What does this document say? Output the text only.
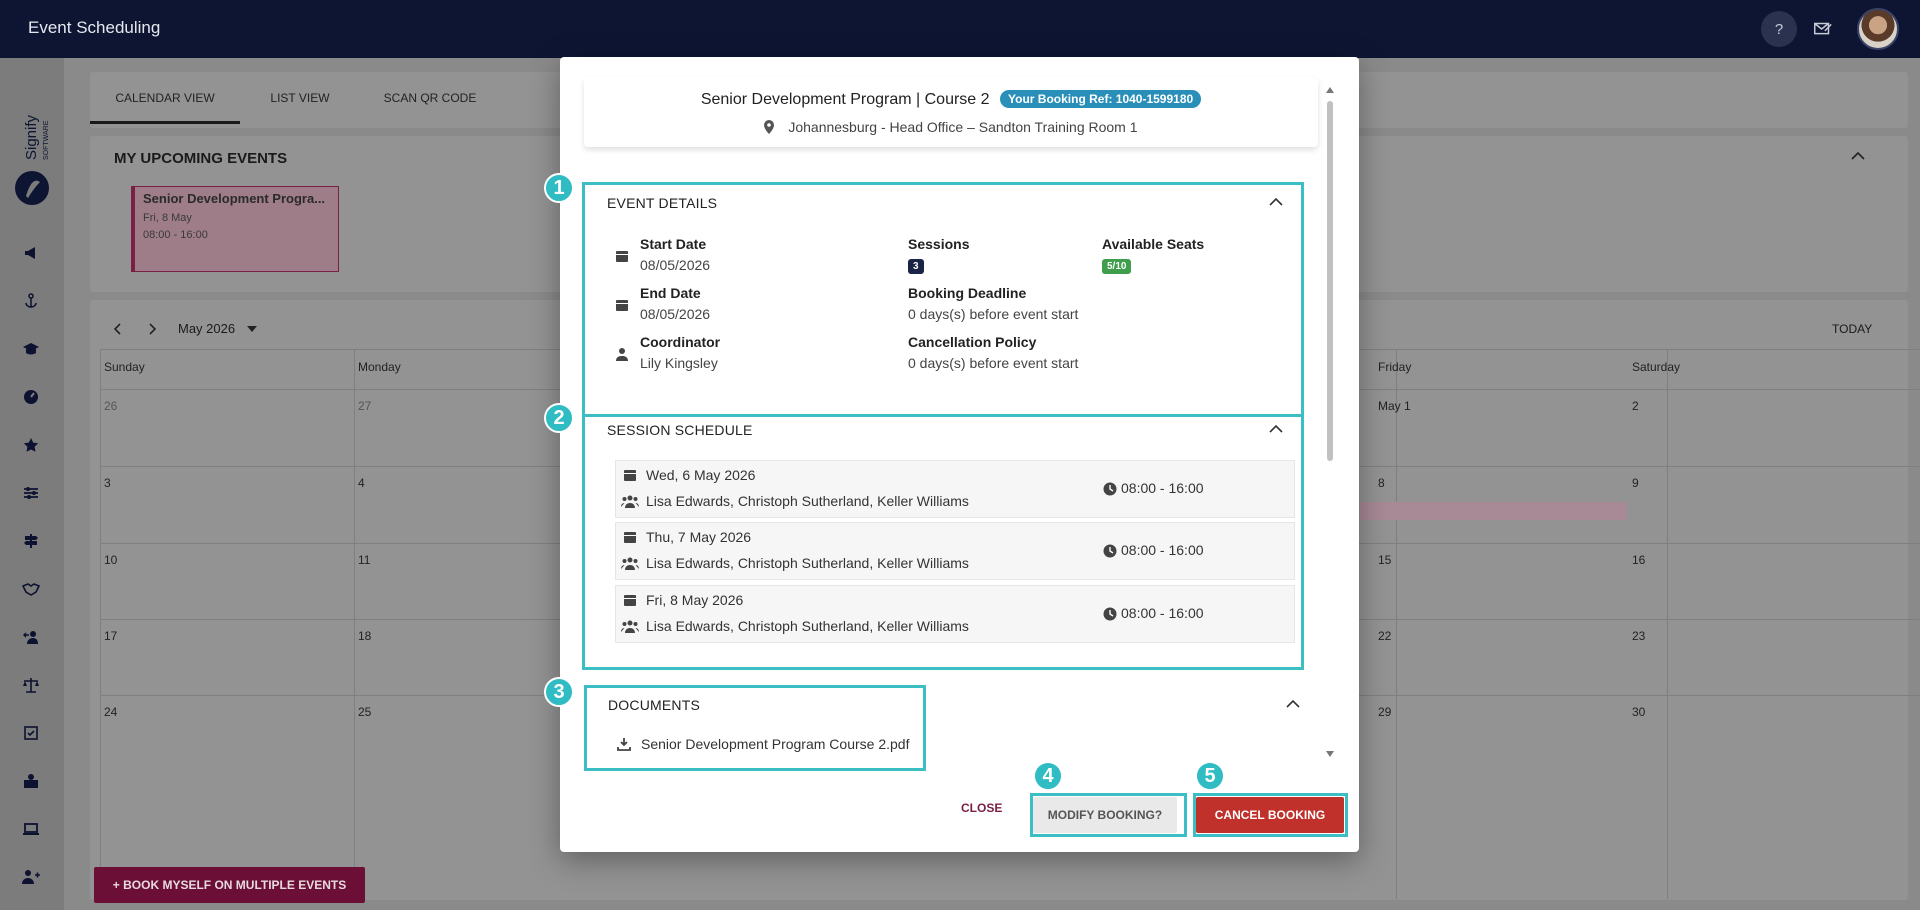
Event Scheduling	?
Signify SOFTWARE
CALENDAR VIEW	LIST VIEW	SCAN QR CODE
MY UPCOMING EVENTS
Senior Development Progra...
Fri, 8 May
08:00 - 16:00
May 2026	TODAY
Sunday	Monday	Friday	Saturday
26	27	May 1	2
3	4	8	9
10	11	15	16
17	18	22	23
24	25	29	30
+ BOOK MYSELF ON MULTIPLE EVENTS
Senior Development Program | Course 2 Your Booking Ref: 1040-1599180
Johannesburg - Head Office – Sandton Training Room 1
EVENT DETAILS
Start Date
08/05/2026
End Date
08/05/2026
Coordinator
Lily Kingsley
Sessions
3
Available Seats
5/10
Booking Deadline
0 days(s) before event start
Cancellation Policy
0 days(s) before event start
1
SESSION SCHEDULE
Wed, 6 May 2026
Lisa Edwards, Christoph Sutherland, Keller Williams
08:00 - 16:00
Thu, 7 May 2026
Lisa Edwards, Christoph Sutherland, Keller Williams
08:00 - 16:00
Fri, 8 May 2026
Lisa Edwards, Christoph Sutherland, Keller Williams
08:00 - 16:00
2
DOCUMENTS
Senior Development Program Course 2.pdf
3
CLOSE	MODIFY BOOKING?	CANCEL BOOKING
4	5
